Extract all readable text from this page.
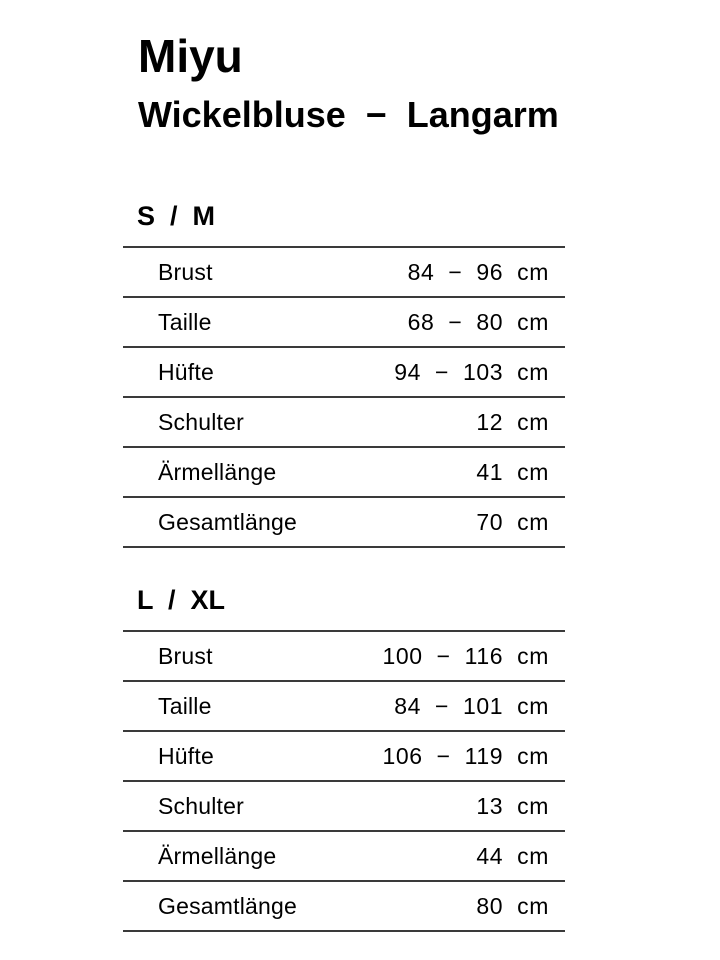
Miyu
Wickelbluse  −  Langarm
S  /  M
Brust	84  −  96  cm
Taille	68  −  80  cm
Hüfte	94  −  103  cm
Schulter	12  cm
Ärmellänge	41  cm
Gesamtlänge	70  cm
L  /  XL
Brust	100  −  116  cm
Taille	84  −  101  cm
Hüfte	106  −  119  cm
Schulter	13  cm
Ärmellänge	44  cm
Gesamtlänge	80  cm
